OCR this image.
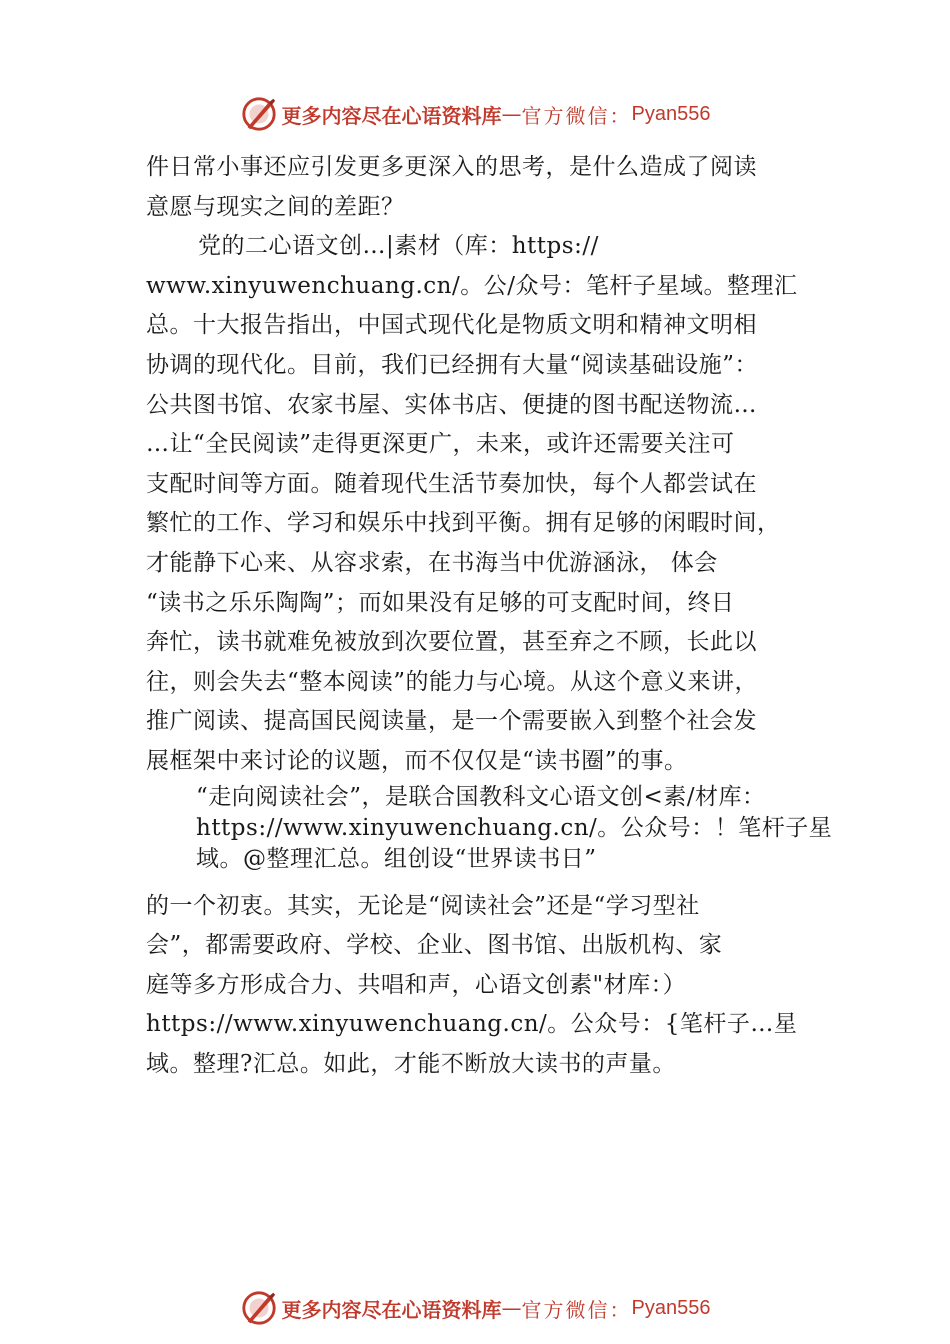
更多内容尽在心语资料库 — 官方微信： Pyan556
件日常小事还应引发更多更深入的思考，是什么造成了阅读
意愿与现实之间的差距？
党的二心语文创…|素材（库：https://
www.xinyuwenchuang.cn/。公/众号：笔杆子星域。整理汇
总。十大报告指出，中国式现代化是物质文明和精神文明相
协调的现代化。目前，我们已经拥有大量“阅读基础设施”：
公共图书馆、农家书屋、实体书店、便捷的图书配送物流…
…让“全民阅读”走得更深更广，未来，或许还需要关注可
支配时间等方面。随着现代生活节奏加快，每个人都尝试在
繁忙的工作、学习和娱乐中找到平衡。拥有足够的闲暇时间，
才能静下心来、从容求索，在书海当中优游涵泳， 体会
“读书之乐乐陶陶”；而如果没有足够的可支配时间，终日
奔忙，读书就难免被放到次要位置，甚至弃之不顾，长此以
往，则会失去“整本阅读”的能力与心境。从这个意义来讲，
推广阅读、提高国民阅读量，是一个需要嵌入到整个社会发
展框架中来讨论的议题，而不仅仅是“读书圈”的事。
“走向阅读社会”，是联合国教科文心语文创<素/材库：
https://www.xinyuwenchuang.cn/。公众号：！笔杆子星
域。@整理汇总。组创设“世界读书日”
的一个初衷。其实，无论是“阅读社会”还是“学习型社
会”，都需要政府、学校、企业、图书馆、出版机构、家
庭等多方形成合力、共唱和声，心语文创素"材库：）
https://www.xinyuwenchuang.cn/。公众号：{笔杆子…星
域。整理?汇总。如此，才能不断放大读书的声量。
更多内容尽在心语资料库 — 官方微信： Pyan556
